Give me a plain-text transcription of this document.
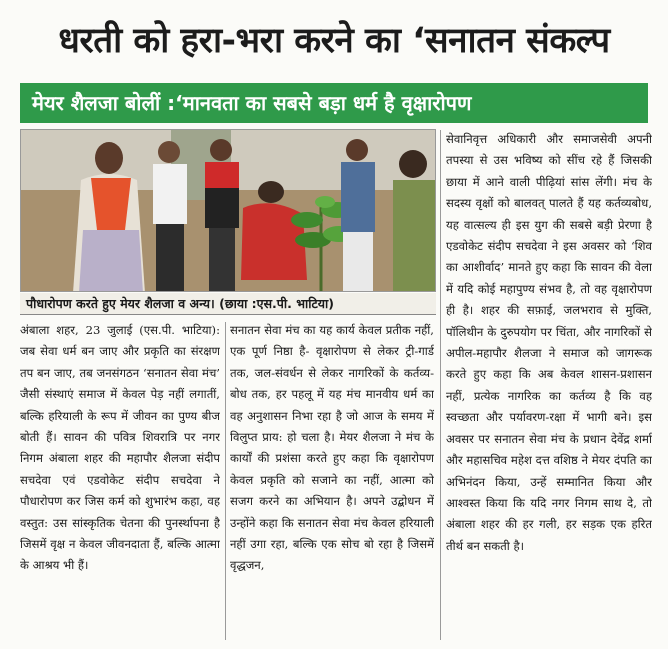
धरती को हरा-भरा करने का ‘सनातन संकल्प
मेयर शैलजा बोलीं :‘मानवता का सबसे बड़ा धर्म है वृक्षारोपण
पौधारोपण करते हुए मेयर शैलजा व अन्य। (छाया :एस.पी. भाटिया)
अंबाला शहर, 23 जुलाई (एस.पी. भाटिया): जब सेवा धर्म बन जाए और प्रकृति का संरक्षण तप बन जाए, तब जनसंगठन ‘सनातन सेवा मंच’ जैसी संस्थाएं समाज में केवल पेड़ नहीं लगातीं, बल्कि हरियाली के रूप में जीवन का पुण्य बीज बोती हैं। सावन की पवित्र शिवरात्रि पर नगर निगम अंबाला शहर की महापौर शैलजा संदीप सचदेवा एवं एडवोकेट संदीप सचदेवा ने पौधारोपण कर जिस कर्म को शुभारंभ कहा, वह वस्तुत: उस सांस्कृतिक चेतना की पुनर्स्थापना है जिसमें वृक्ष न केवल जीवनदाता हैं, बल्कि आत्मा के आश्रय भी हैं।
सनातन सेवा मंच का यह कार्य केवल प्रतीक नहीं, एक पूर्ण निष्ठा है- वृक्षारोपण से लेकर ट्री-गार्ड तक, जल-संवर्धन से लेकर नागरिकों के कर्तव्य-बोध तक, हर पहलू में यह मंच मानवीय धर्म का वह अनुशासन निभा रहा है जो आज के समय में विलुप्त प्राय: हो चला है। मेयर शैलजा ने मंच के कार्यों की प्रशंसा करते हुए कहा कि वृक्षारोपण केवल प्रकृति को सजाने का नहीं, आत्मा को सजग करने का अभियान है। अपने उद्बोधन में उन्होंने कहा कि सनातन सेवा मंच केवल हरियाली नहीं उगा रहा, बल्कि एक सोच बो रहा है जिसमें वृद्धजन,
सेवानिवृत्त अधिकारी और समाजसेवी अपनी तपस्या से उस भविष्य को सींच रहे हैं जिसकी छाया में आने वाली पीढ़ियां सांस लेंगी। मंच के सदस्य वृक्षों को बालवत् पालते हैं यह कर्तव्यबोध, यह वात्सल्य ही इस युग की सबसे बड़ी प्रेरणा है एडवोकेट संदीप सचदेवा ने इस अवसर को ‘शिव का आशीर्वाद’ मानते हुए कहा कि सावन की वेला में यदि कोई महापुण्य संभव है, तो वह वृक्षारोपण ही है। शहर की सफ़ाई, जलभराव से मुक्ति, पॉलिथीन के दुरुपयोग पर चिंता, और नागरिकों से अपील-महापौर शैलजा ने समाज को जागरूक करते हुए कहा कि अब केवल शासन-प्रशासन नहीं, प्रत्येक नागरिक का कर्तव्य है कि वह स्वच्छता और पर्यावरण-रक्षा में भागी बने। इस अवसर पर सनातन सेवा मंच के प्रधान देवेंद्र शर्मा और महासचिव महेश दत्त वशिष्ठ ने मेयर दंपति का अभिनंदन किया, उन्हें सम्मानित किया और आश्वस्त किया कि यदि नगर निगम साथ दे, तो अंबाला शहर की हर गली, हर सड़क एक हरित तीर्थ बन सकती है।
